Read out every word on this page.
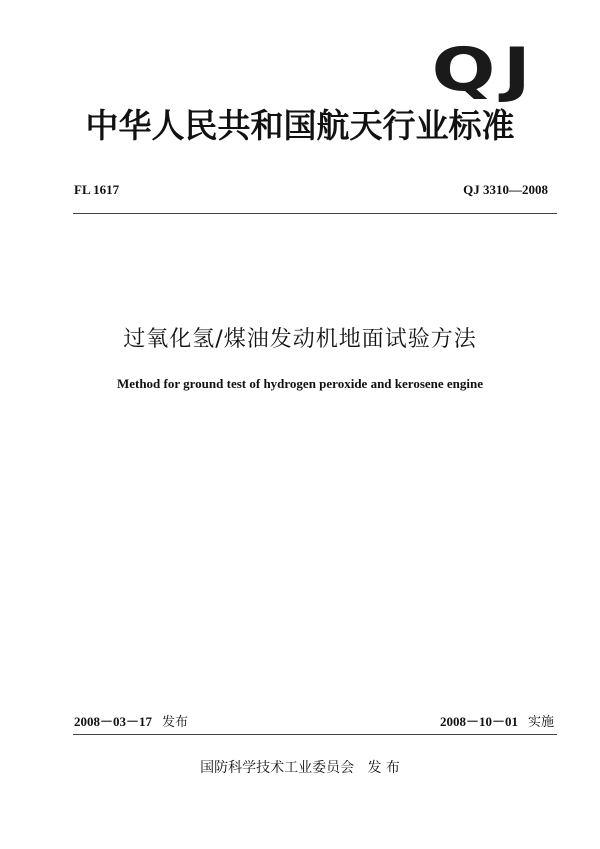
QJ
中华人民共和国航天行业标准
FL 1617	QJ 3310—2008
过氧化氢/煤油发动机地面试验方法
Method for ground test of hydrogen peroxide and kerosene engine
2008－03－17 发布	2008－10－01 实施
国防科学技术工业委员会 发 布
